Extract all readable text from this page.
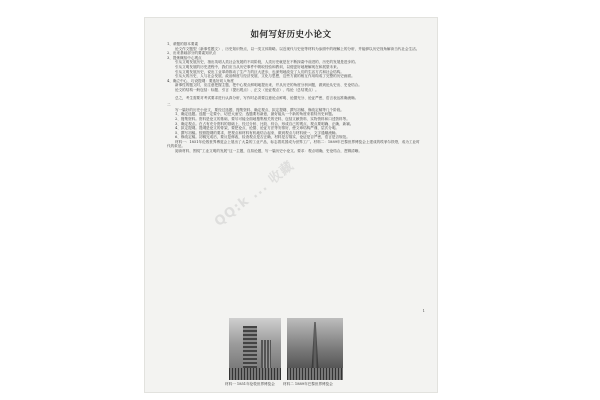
如何写好历史小论文

1、命题的基本要素

论文作文题型（新事性题文）、历史知识特点，以一类文体简略。以近现代与史论等材料为参照中的理解上的分析，并能够以历史视角解读当代社会生活。

2、出来基础部分的要素知识点

3、提炼概括中心观点

引从文明发展历史，指出英明人类社会发展的不同阶段，人类历史就是在不断探索中前进的，历史的发展是进步的。

引从文明发展的历史进程中，我们应当从历史事件中吸取经验和教训，以便更好地理解现在和展望未来。

引从文明发展历史，说出工业革命推动了生产力的巨大进步，也深刻地改变了人们的生活方式和社会结构。

引从大的历史，人与社会发展、政治制度与经济发展、文化与思想，这些方面的相互作用构成了完整的历史画面。

4、确立中心、巧设提纲：要选好切入角度

新事性的题文时，应注意把握主题，把中心观点鲜明地提出来，并从历史的角度分析问题，做到论从史出、史论结合。

论文的结构一般包括：标题、引言（提出观点）、正文（论证观点）、结论（总结观点）。

总之，考生需要对考试要求进行认真分析，写作时必须要注意论点鲜明、论据充分、论证严密，语言表达准确流畅。

二

写一篇好的历史小论文，要经过选题、搜集资料、确定观点、拟定提纲、撰写初稿、修改定稿等几个阶段。

1、确定选题。选题一定要小，切忌大而空；选题要有新意，最好能从一个新的角度来看待历史问题。

2、搜集资料。资料是论文的基础，要尽可能全面地搜集相关的史料，包括文献资料、实物资料和口述资料等。

3、确定观点。在占有充分资料的基础上，经过分析、比较、综合，形成自己的观点，观点要明确、正确、新颖。

4、拟定提纲。提纲是论文的骨架，要把论点、论据、论证方法等安排好，使文章结构严谨、层次分明。

5、撰写初稿。按照提纲的要求，把观点和材料有机地结合起来，做到观点与材料统一，文字通顺流畅。

6、修改定稿。初稿完成后，要反复修改，检查观点是否正确，材料是否翔实，论证是否严密，语言是否规范。

材料一：1851年伦敦世界博览会上展出了大量的工业产品，标志着英国成为世界工厂。材料二：1889年巴黎世界博览会上建成的埃菲尔铁塔，成为工业时代的象征。

阅读材料，围绕“工业文明的发展”这一主题，自拟论题，写一篇历史小论文。要求：观点明确，史论结合，逻辑清晰。

QQ:k ... 收藏
1
材料一 1851年伦敦世界博览会 材料二 1889年巴黎世界博览会
